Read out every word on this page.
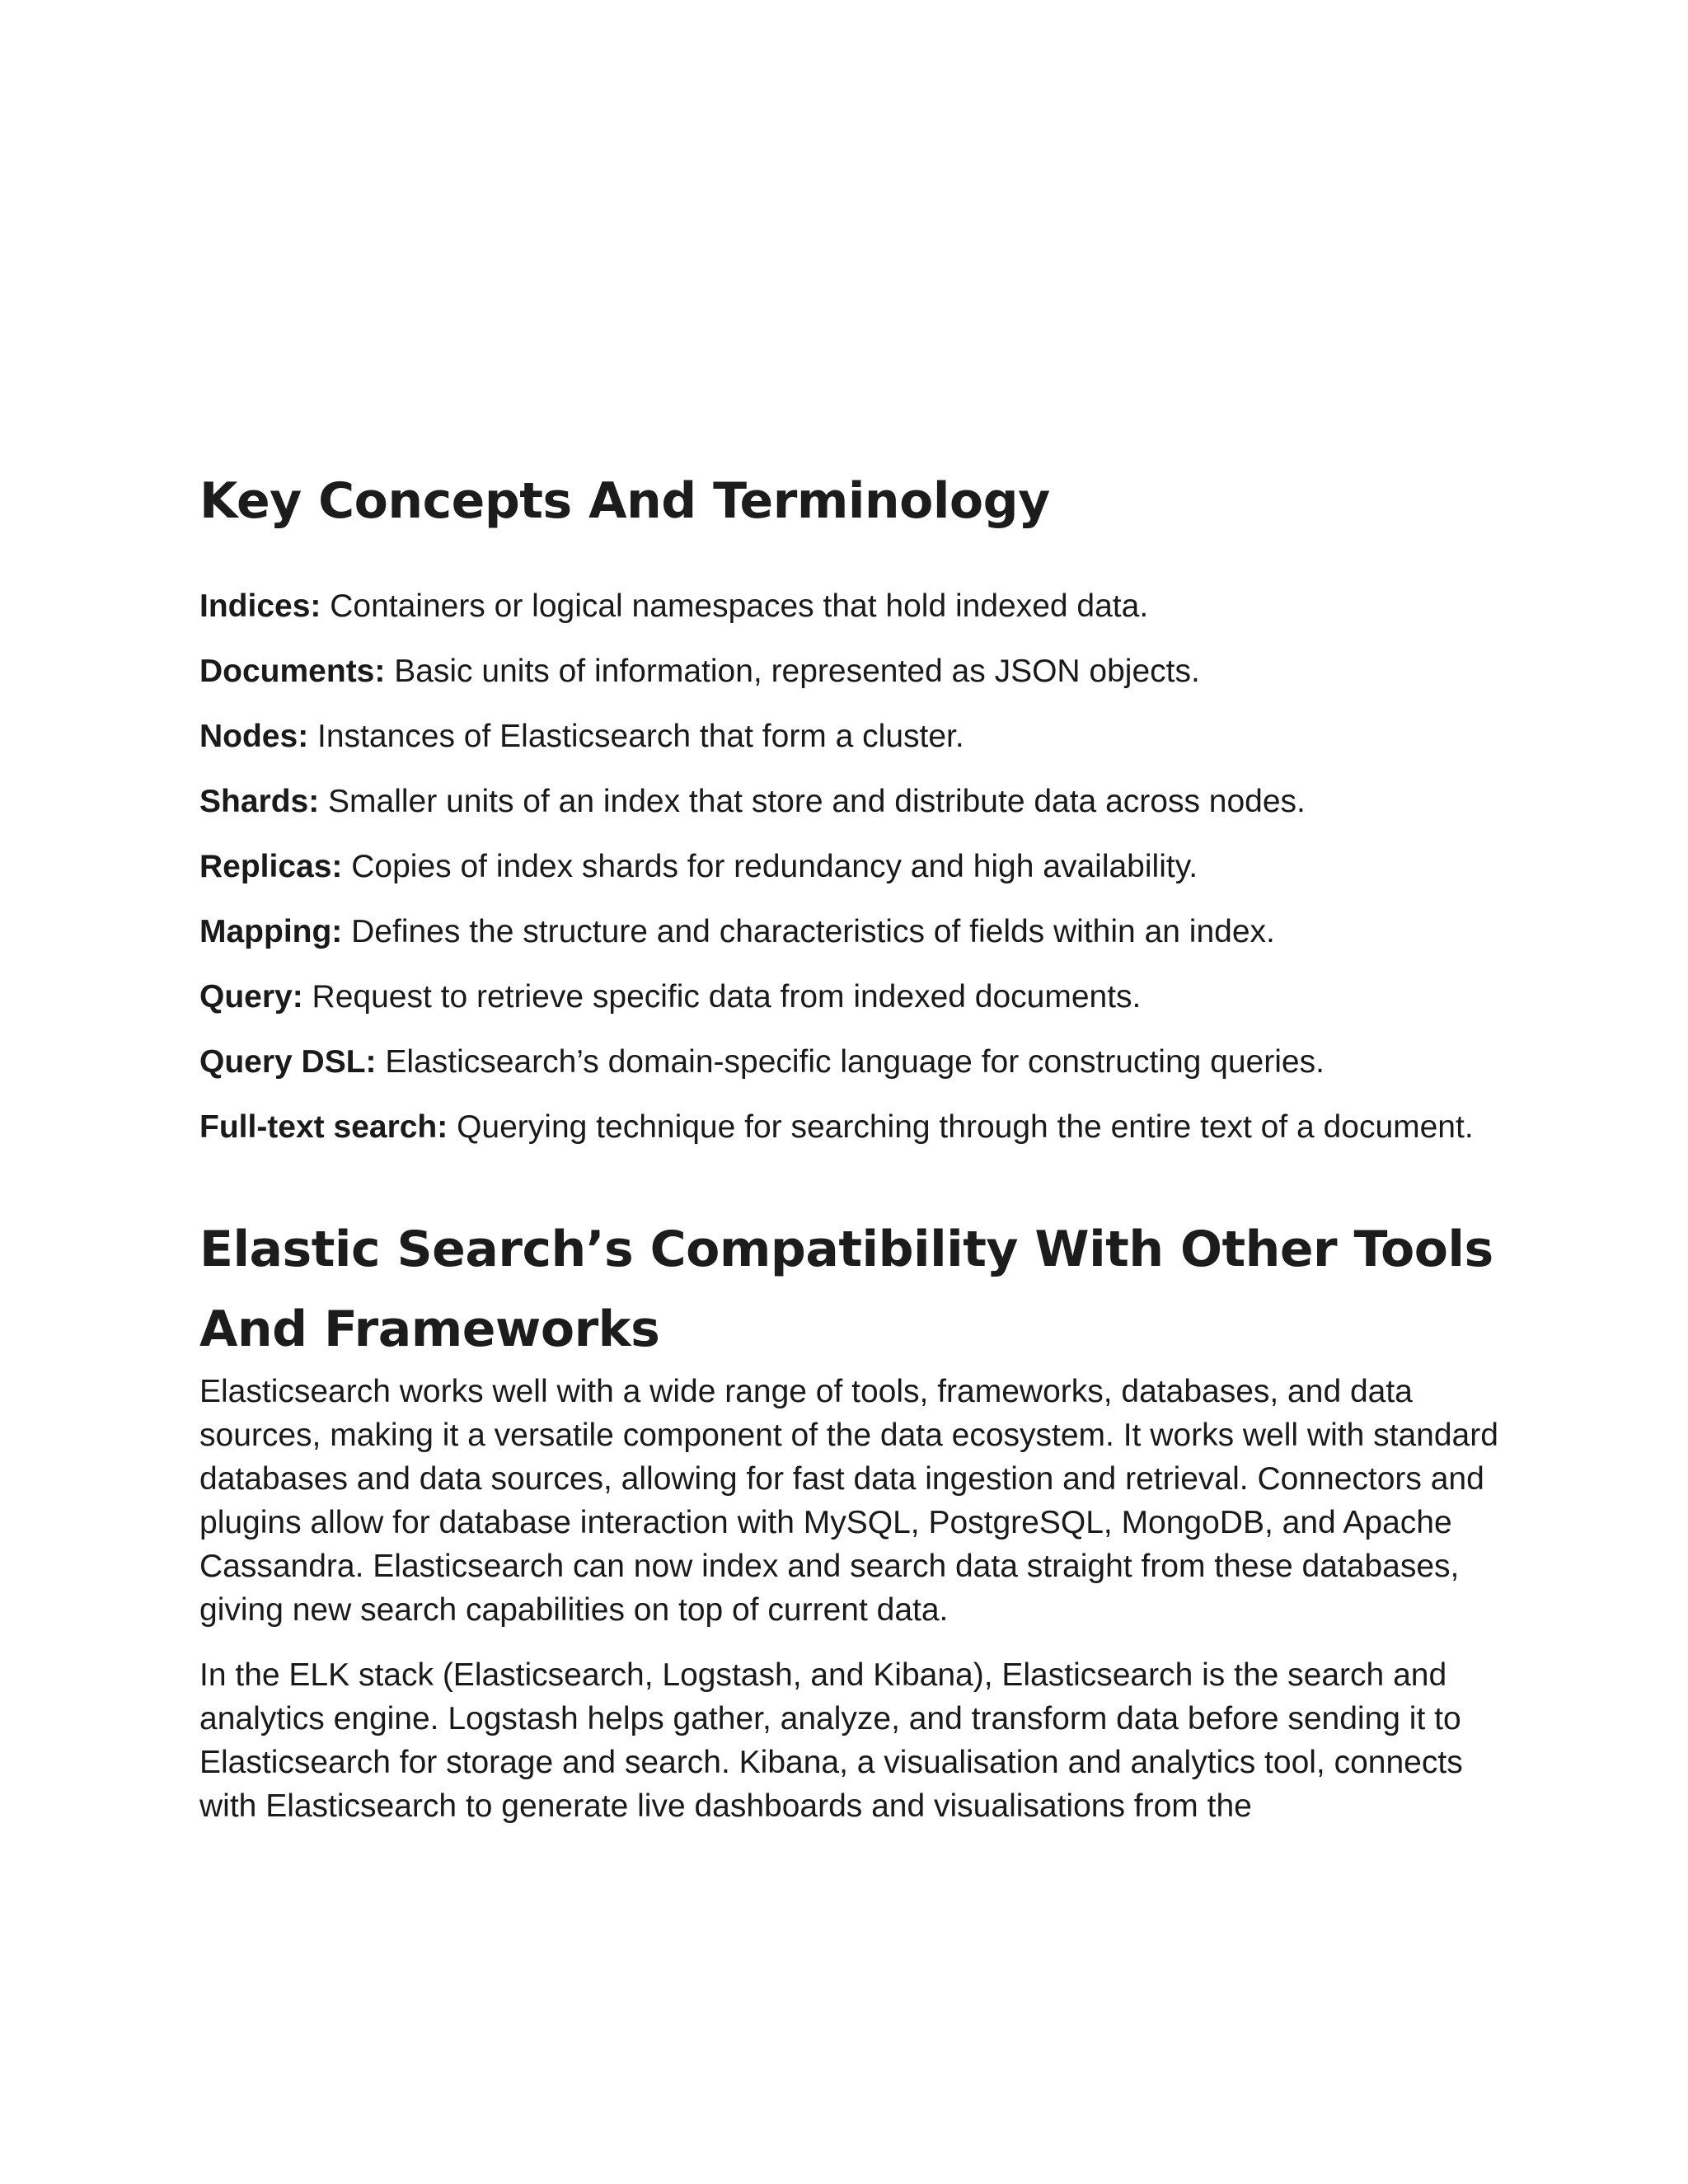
Key Concepts And Terminology
Indices: Containers or logical namespaces that hold indexed data.
Documents: Basic units of information, represented as JSON objects.
Nodes: Instances of Elasticsearch that form a cluster.
Shards: Smaller units of an index that store and distribute data across nodes.
Replicas: Copies of index shards for redundancy and high availability.
Mapping: Defines the structure and characteristics of fields within an index.
Query: Request to retrieve specific data from indexed documents.
Query DSL: Elasticsearch’s domain-specific language for constructing queries.
Full-text search: Querying technique for searching through the entire text of a document.
Elastic Search’s Compatibility With Other Tools And Frameworks

Elasticsearch works well with a wide range of tools, frameworks, databases, and data sources, making it a versatile component of the data ecosystem. It works well with standard databases and data sources, allowing for fast data ingestion and retrieval. Connectors and plugins allow for database interaction with MySQL, PostgreSQL, MongoDB, and Apache Cassandra. Elasticsearch can now index and search data straight from these databases, giving new search capabilities on top of current data.

In the ELK stack (Elasticsearch, Logstash, and Kibana), Elasticsearch is the search and analytics engine. Logstash helps gather, analyze, and transform data before sending it to Elasticsearch for storage and search. Kibana, a visualisation and analytics tool, connects with Elasticsearch to generate live dashboards and visualisations from the
